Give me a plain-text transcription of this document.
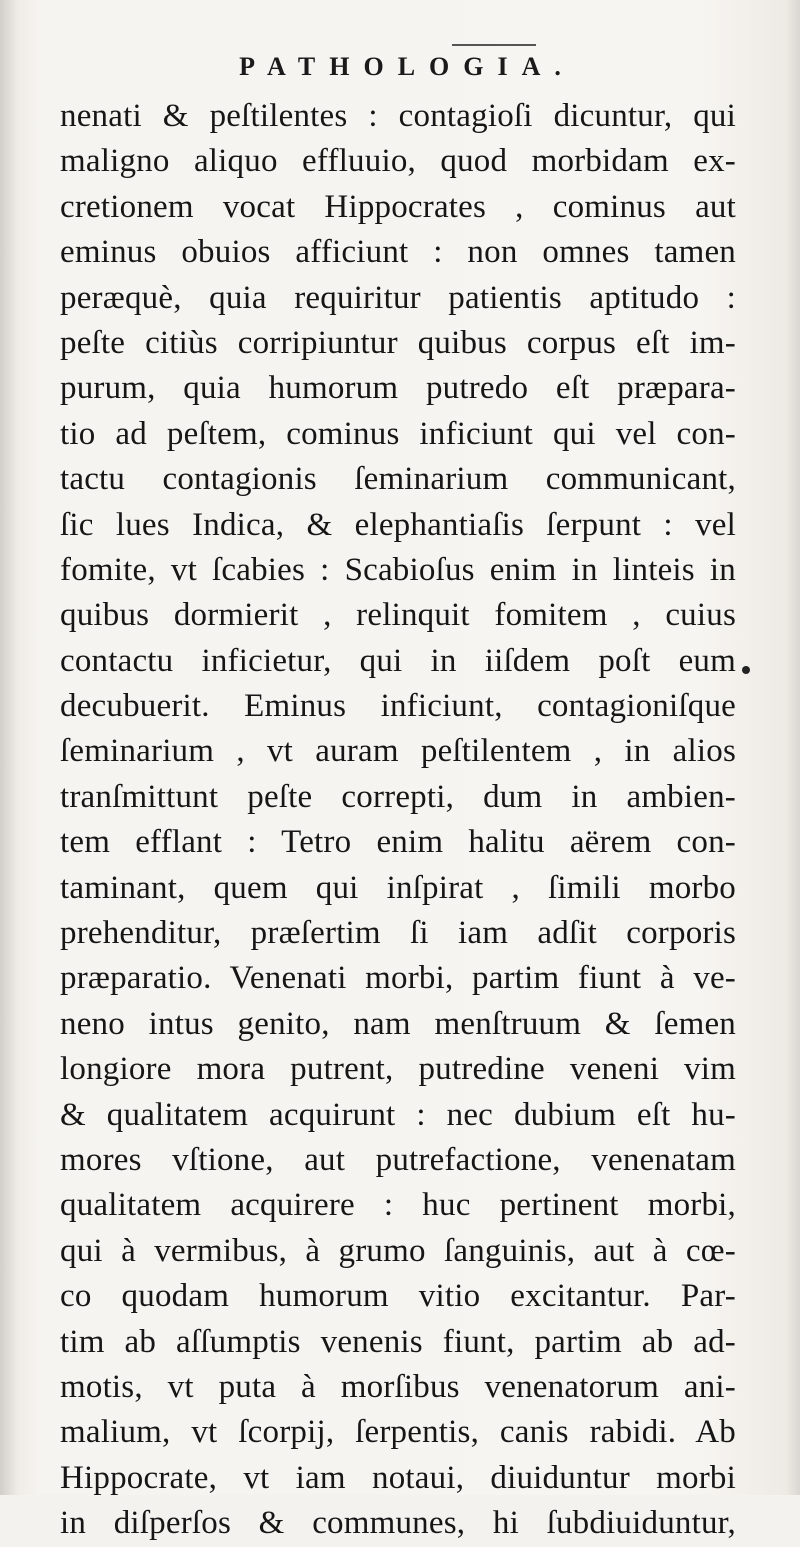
PATHOLOGIA.
nenati & peſtilentes : contagioſi dicuntur, qui
maligno aliquo effluuio, quod morbidam ex-
cretionem vocat Hippocrates , cominus aut
eminus obuios afficiunt : non omnes tamen
peræquè, quia requiritur patientis aptitudo :
peſte citiùs corripiuntur quibus corpus eſt im-
purum, quia humorum putredo eſt præpara-
tio ad peſtem, cominus inficiunt qui vel con-
tactu contagionis ſeminarium communicant,
ſic lues Indica, & elephantiaſis ſerpunt : vel
fomite, vt ſcabies : Scabioſus enim in linteis in
quibus dormierit , relinquit fomitem , cuius
contactu inficietur, qui in iiſdem poſt eum
decubuerit. Eminus inficiunt, contagioniſque
ſeminarium , vt auram peſtilentem , in alios
tranſmittunt peſte correpti, dum in ambien-
tem efflant : Tetro enim halitu aërem con-
taminant, quem qui inſpirat , ſimili morbo
prehenditur, præſertim ſi iam adſit corporis
præparatio. Venenati morbi, partim fiunt à ve-
neno intus genito, nam menſtruum & ſemen
longiore mora putrent, putredine veneni vim
& qualitatem acquirunt : nec dubium eſt hu-
mores vſtione, aut putrefactione, venenatam
qualitatem acquirere : huc pertinent morbi,
qui à vermibus, à grumo ſanguinis, aut à cœ-
co quodam humorum vitio excitantur. Par-
tim ab aſſumptis venenis fiunt, partim ab ad-
motis, vt puta à morſibus venenatorum ani-
malium, vt ſcorpij, ſerpentis, canis rabidi. Ab
Hippocrate, vt iam notaui, diuiduntur morbi
in diſperſos & communes, hi ſubdiuiduntur,
